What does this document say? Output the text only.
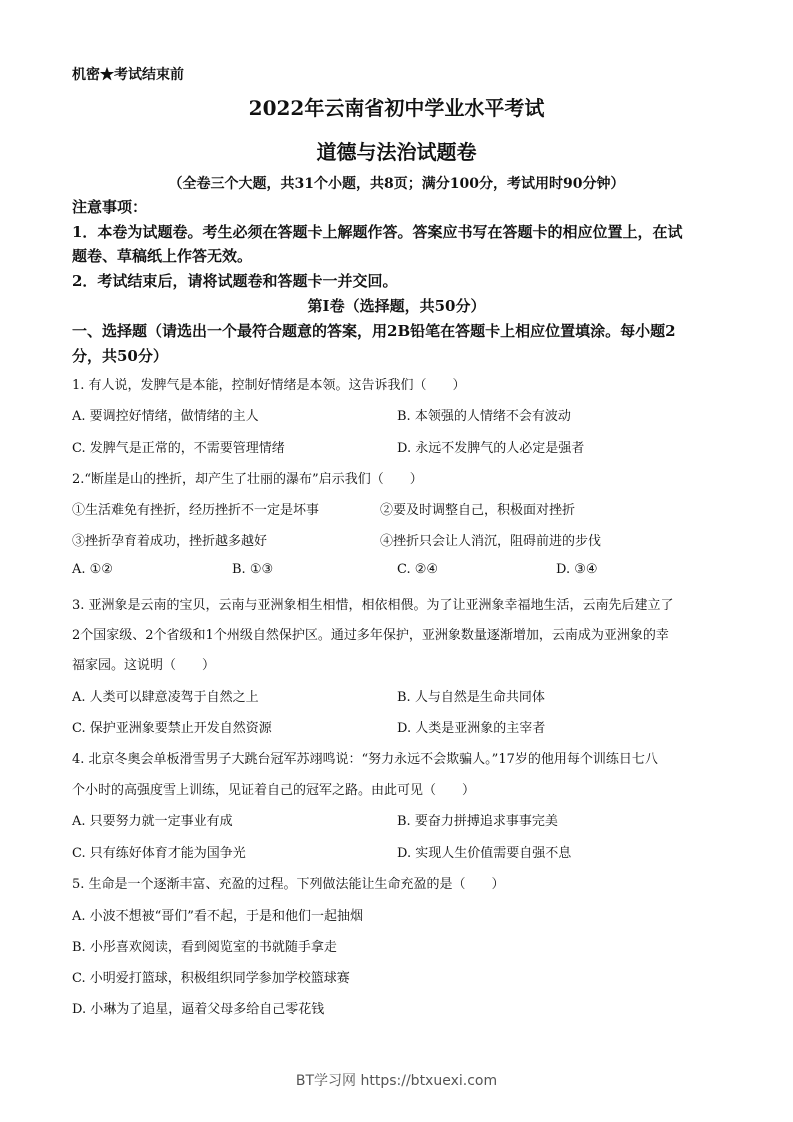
机密★考试结束前
2022年云南省初中学业水平考试
道德与法治试题卷
（全卷三个大题，共31个小题，共8页；满分100分，考试用时90分钟）
注意事项：
1．本卷为试题卷。考生必须在答题卡上解题作答。答案应书写在答题卡的相应位置上，在试
题卷、草稿纸上作答无效。
2．考试结束后，请将试题卷和答题卡一并交回。
第I卷（选择题，共50分）
一、选择题（请选出一个最符合题意的答案，用2B铅笔在答题卡上相应位置填涂。每小题2
分，共50分）
1. 有人说，发脾气是本能，控制好情绪是本领。这告诉我们（　　）
A. 要调控好情绪，做情绪的主人	B. 本领强的人情绪不会有波动
C. 发脾气是正常的，不需要管理情绪	D. 永远不发脾气的人必定是强者
2.“断崖是山的挫折，却产生了壮丽的瀑布”启示我们（　　）
①生活难免有挫折，经历挫折不一定是坏事	②要及时调整自己，积极面对挫折
③挫折孕育着成功，挫折越多越好	④挫折只会让人消沉，阻碍前进的步伐
A. ①②	B. ①③	C. ②④	D. ③④
3. 亚洲象是云南的宝贝，云南与亚洲象相生相惜，相依相偎。为了让亚洲象幸福地生活，云南先后建立了
2个国家级、2个省级和1个州级自然保护区。通过多年保护，亚洲象数量逐渐增加，云南成为亚洲象的幸
福家园。这说明（　　）
A. 人类可以肆意凌驾于自然之上	B. 人与自然是生命共同体
C. 保护亚洲象要禁止开发自然资源	D. 人类是亚洲象的主宰者
4. 北京冬奥会单板滑雪男子大跳台冠军苏翊鸣说：“努力永远不会欺骗人。”17岁的他用每个训练日七八
个小时的高强度雪上训练，见证着自己的冠军之路。由此可见（　　）
A. 只要努力就一定事业有成	B. 要奋力拼搏追求事事完美
C. 只有练好体育才能为国争光	D. 实现人生价值需要自强不息
5. 生命是一个逐渐丰富、充盈的过程。下列做法能让生命充盈的是（　　）
A. 小波不想被“哥们”看不起，于是和他们一起抽烟
B. 小彤喜欢阅读，看到阅览室的书就随手拿走
C. 小明爱打篮球，积极组织同学参加学校篮球赛
D. 小琳为了追星，逼着父母多给自己零花钱
BT学习网 https://btxuexi.com
